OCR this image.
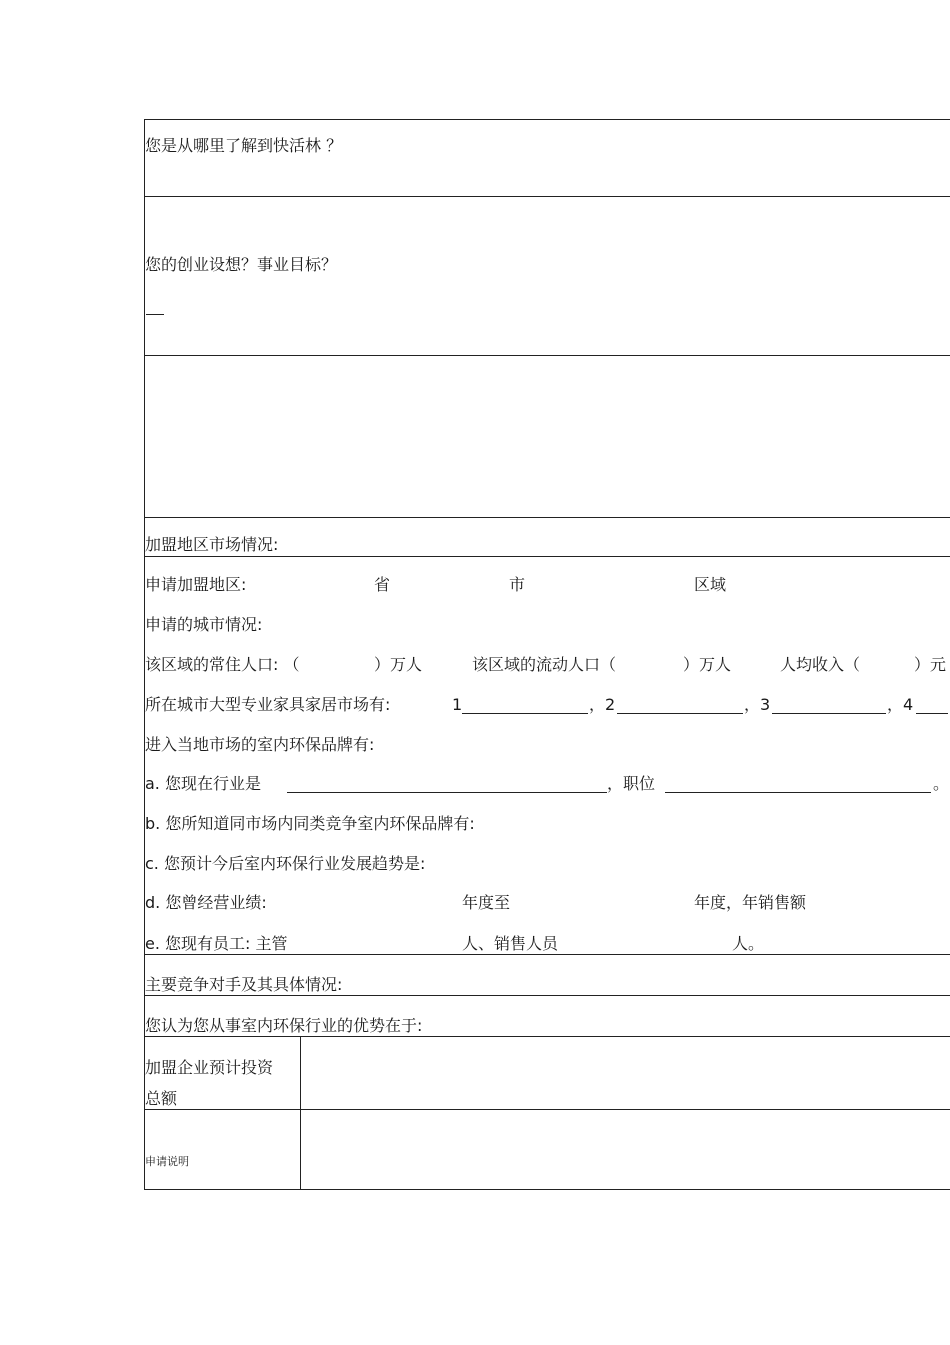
您是从哪里了解到快活林 ？
您的创业设想？事业目标？
加盟地区市场情况:
申请加盟地区:	省	市	区域
申请的城市情况:
该区域的常住人口: （	）万人	该区域的流动人口（	）万人	人均收入（	）元
所在城市大型专业家具家居市场有:	1	，2	，3	，4
进入当地市场的室内环保品牌有:
a. 您现在行业是	，职位	。
b. 您所知道同市场内同类竞争室内环保品牌有:
c. 您预计今后室内环保行业发展趋势是:
d. 您曾经营业绩:	年度至	年度，年销售额
e. 您现有员工: 主管	人、销售人员	人。
主要竞争对手及其具体情况:
您认为您从事室内环保行业的优势在于:
加盟企业预计投资
总额
申请说明
